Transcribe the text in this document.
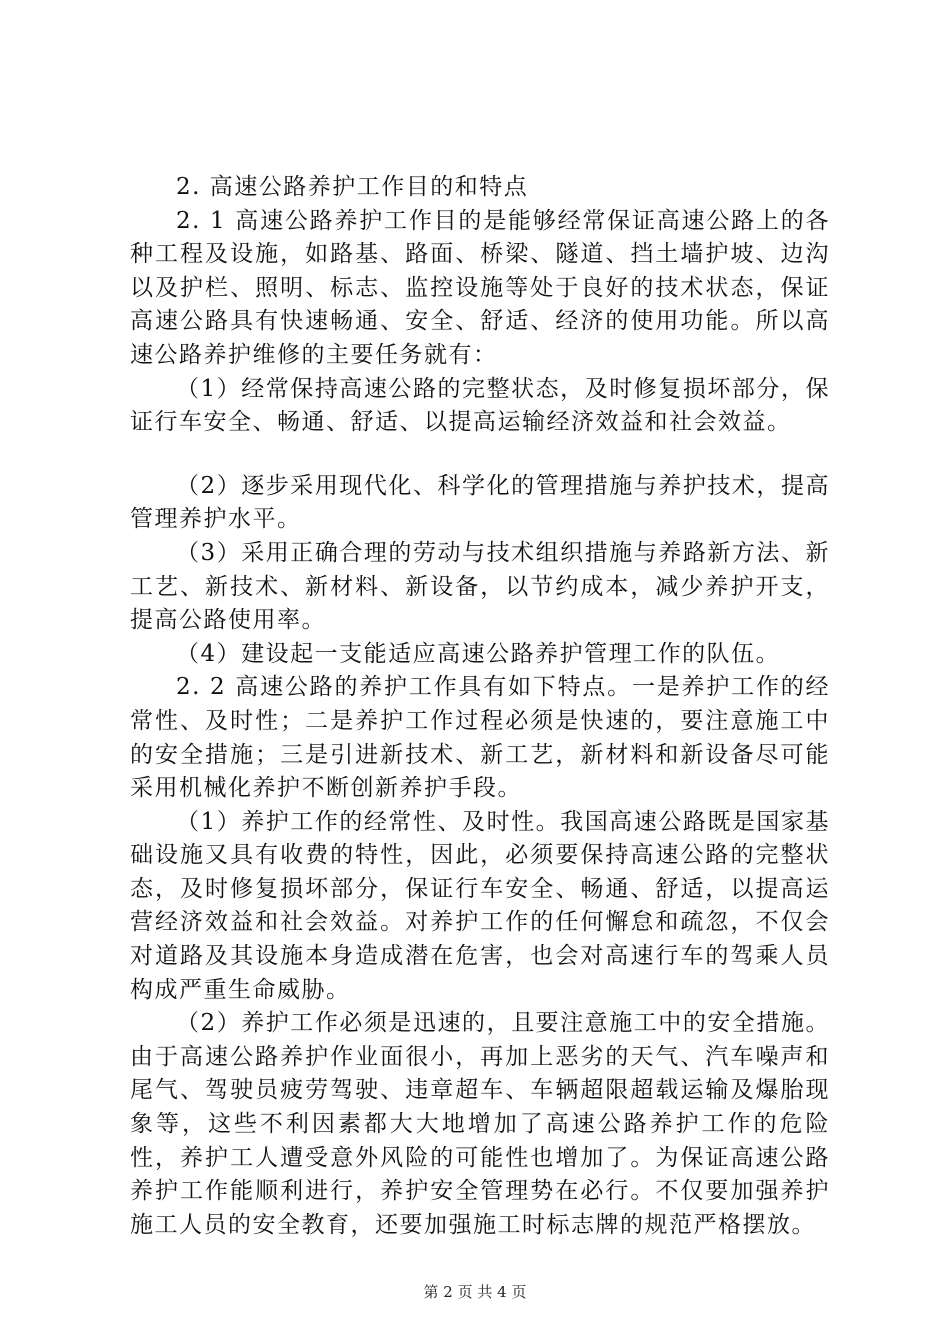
2. 高速公路养护工作目的和特点

2. 1 高速公路养护工作目的是能够经常保证高速公路上的各种工程及设施，如路基、路面、桥梁、隧道、挡土墙护坡、边沟以及护栏、照明、标志、监控设施等处于良好的技术状态，保证高速公路具有快速畅通、安全、舒适、经济的使用功能。所以高速公路养护维修的主要任务就有：

（1）经常保持高速公路的完整状态，及时修复损坏部分，保证行车安全、畅通、舒适、以提高运输经济效益和社会效益。

（2）逐步采用现代化、科学化的管理措施与养护技术，提高管理养护水平。

（3）采用正确合理的劳动与技术组织措施与养路新方法、新工艺、新技术、新材料、新设备，以节约成本，减少养护开支，提高公路使用率。

（4）建设起一支能适应高速公路养护管理工作的队伍。

2. 2 高速公路的养护工作具有如下特点。一是养护工作的经常性、及时性；二是养护工作过程必须是快速的，要注意施工中的安全措施；三是引进新技术、新工艺，新材料和新设备尽可能采用机械化养护不断创新养护手段。

（1）养护工作的经常性、及时性。我国高速公路既是国家基础设施又具有收费的特性，因此，必须要保持高速公路的完整状态，及时修复损坏部分，保证行车安全、畅通、舒适，以提高运营经济效益和社会效益。对养护工作的任何懈怠和疏忽，不仅会对道路及其设施本身造成潜在危害，也会对高速行车的驾乘人员构成严重生命威胁。

（2）养护工作必须是迅速的，且要注意施工中的安全措施。由于高速公路养护作业面很小，再加上恶劣的天气、汽车噪声和尾气、驾驶员疲劳驾驶、违章超车、车辆超限超载运输及爆胎现象等，这些不利因素都大大地增加了高速公路养护工作的危险性，养护工人遭受意外风险的可能性也增加了。为保证高速公路养护工作能顺利进行，养护安全管理势在必行。不仅要加强养护施工人员的安全教育，还要加强施工时标志牌的规范严格摆放。

第 2 页 共 4 页
